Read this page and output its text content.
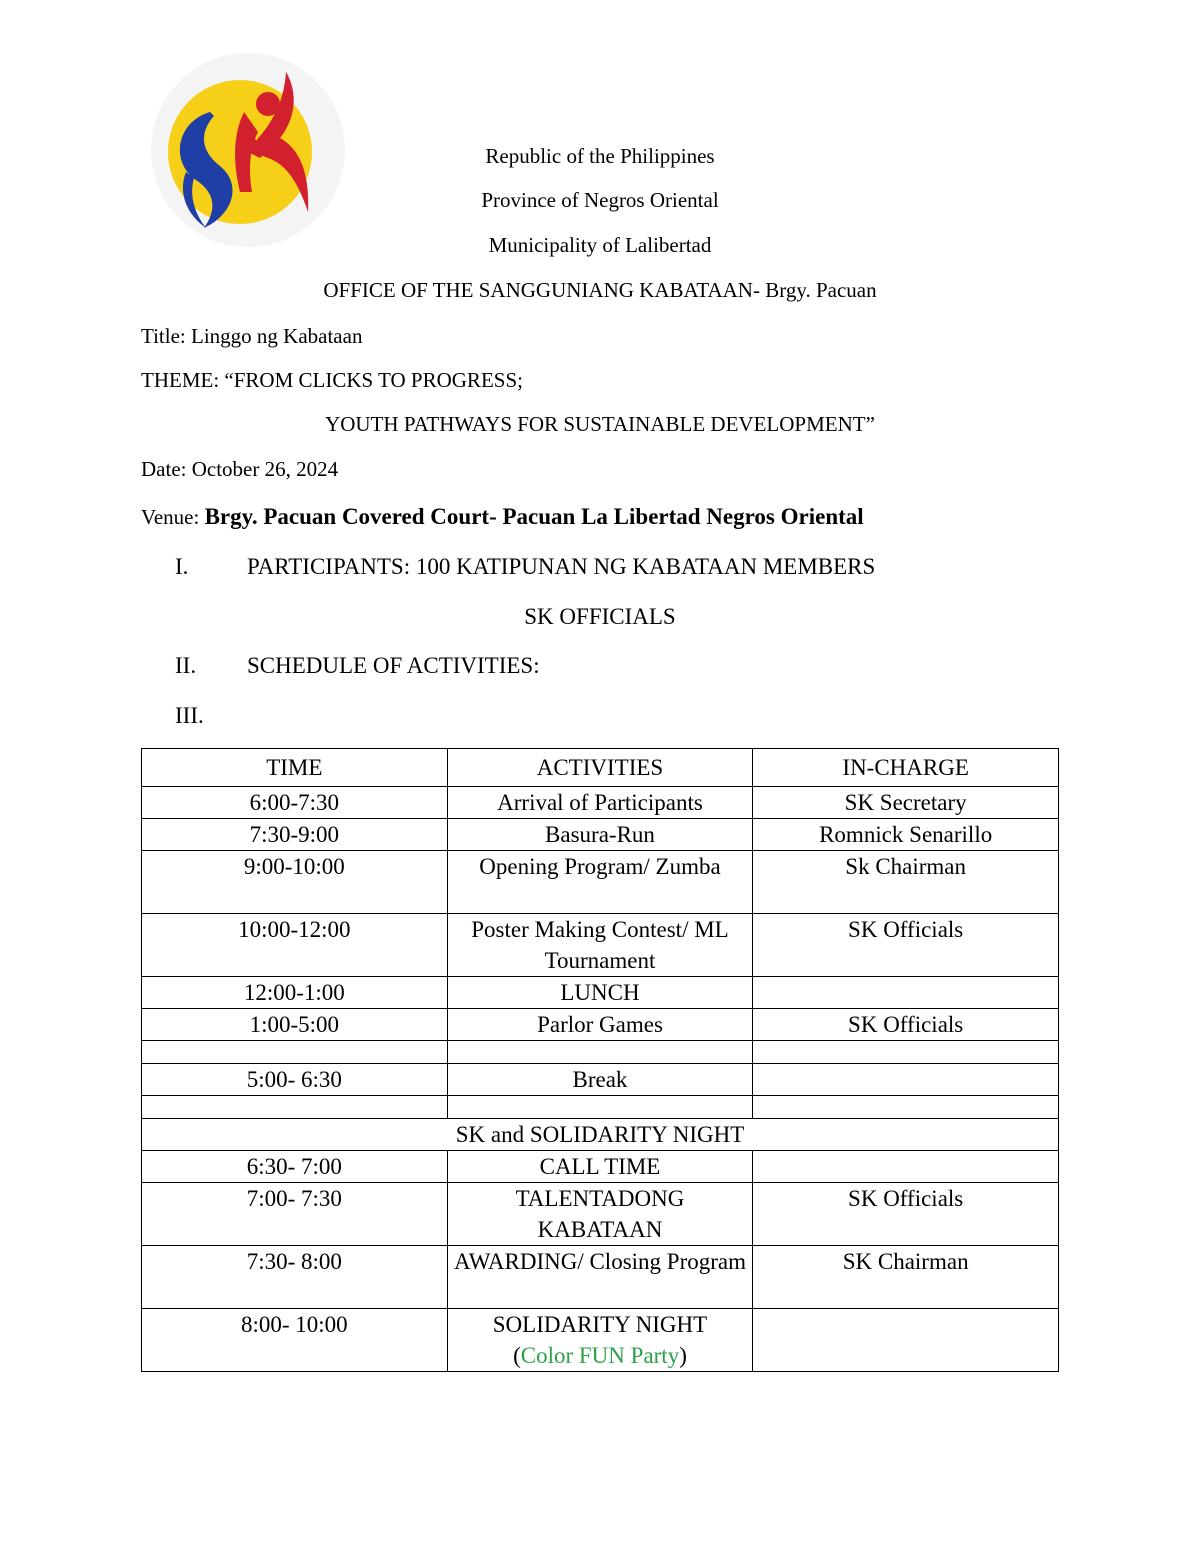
Republic of the Philippines
Province of Negros Oriental
Municipality of Lalibertad
OFFICE OF THE SANGGUNIANG KABATAAN- Brgy. Pacuan
Title: Linggo ng Kabataan
THEME: “FROM CLICKS TO PROGRESS;
YOUTH PATHWAYS FOR SUSTAINABLE DEVELOPMENT”
Date: October 26, 2024
Venue: Brgy. Pacuan Covered Court- Pacuan La Libertad Negros Oriental
I.	PARTICIPANTS: 100 KATIPUNAN NG KABATAAN MEMBERS
SK OFFICIALS
II. SCHEDULE OF ACTIVITIES:
III.
TIME	ACTIVITIES	IN-CHARGE
6:00-7:30	Arrival of Participants	SK Secretary
7:30-9:00	Basura-Run	Romnick Senarillo
9:00-10:00	Opening Program/ Zumba	Sk Chairman
10:00-12:00	Poster Making Contest/ ML Tournament	SK Officials
12:00-1:00	LUNCH	
1:00-5:00	Parlor Games	SK Officials

5:00- 6:30	Break	

SK and SOLIDARITY NIGHT		
6:30- 7:00	CALL TIME	
7:00- 7:30	TALENTADONG KABATAAN	SK Officials
7:30- 8:00	AWARDING/ Closing Program	SK Chairman
8:00- 10:00	SOLIDARITY NIGHT
(Color FUN Party)	
